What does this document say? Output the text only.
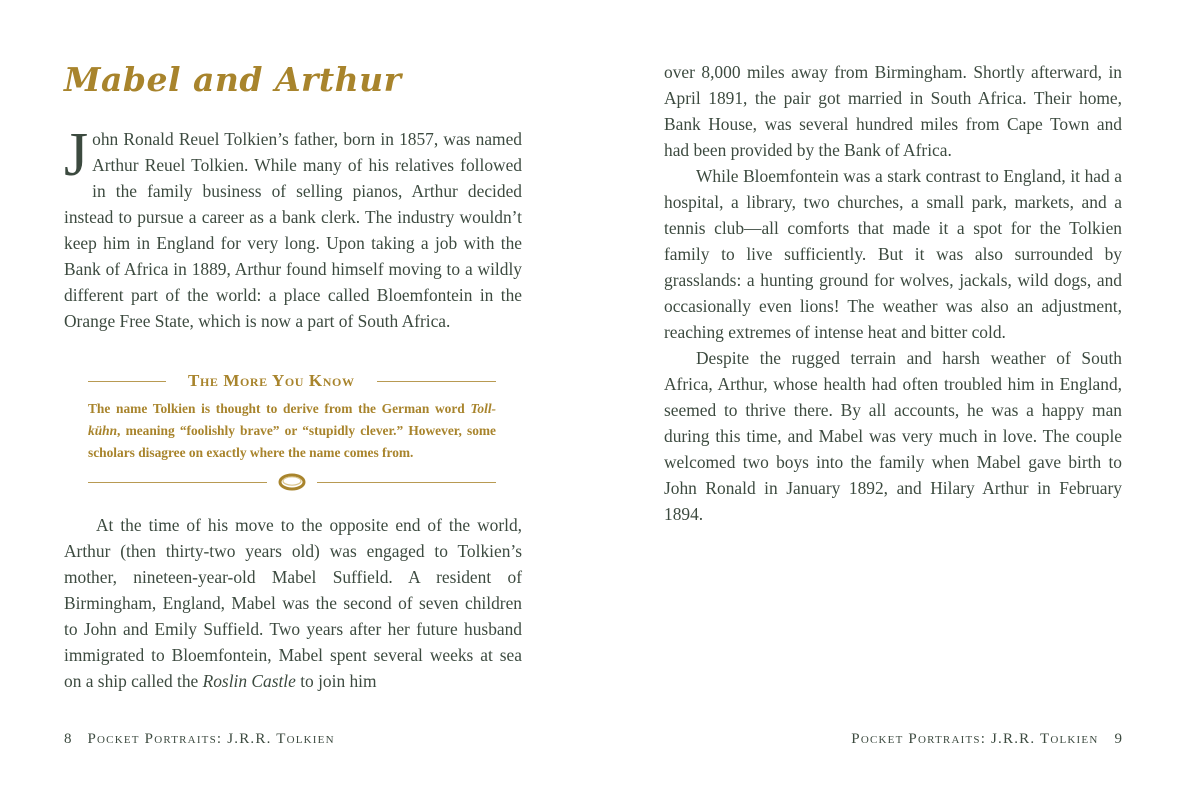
Mabel and Arthur

John Ronald Reuel Tolkien’s father, born in 1857, was named Arthur Reuel Tolkien. While many of his relatives followed in the family business of selling pianos, Arthur decided instead to pursue a career as a bank clerk. The industry wouldn’t keep him in England for very long. Upon taking a job with the Bank of Africa in 1889, Arthur found himself moving to a wildly different part of the world: a place called Bloemfontein in the Orange Free State, which is now a part of South Africa.

The More You Know

The name Tolkien is thought to derive from the German word Toll-kühn, meaning “foolishly brave” or “stupidly clever.” However, some scholars disagree on exactly where the name comes from.

At the time of his move to the opposite end of the world, Arthur (then thirty-two years old) was engaged to Tolkien’s mother, nineteen-year-old Mabel Suffield. A resident of Birmingham, England, Mabel was the second of seven children to John and Emily Suffield. Two years after her future husband immigrated to Bloemfontein, Mabel spent several weeks at sea on a ship called the Roslin Castle to join him

8 Pocket Portraits: J.R.R. Tolkien

over 8,000 miles away from Birmingham. Shortly afterward, in April 1891, the pair got married in South Africa. Their home, Bank House, was several hundred miles from Cape Town and had been provided by the Bank of Africa.

While Bloemfontein was a stark contrast to England, it had a hospital, a library, two churches, a small park, markets, and a tennis club—all comforts that made it a spot for the Tolkien family to live sufficiently. But it was also surrounded by grasslands: a hunting ground for wolves, jackals, wild dogs, and occasionally even lions! The weather was also an adjustment, reaching extremes of intense heat and bitter cold.

Despite the rugged terrain and harsh weather of South Africa, Arthur, whose health had often troubled him in England, seemed to thrive there. By all accounts, he was a happy man during this time, and Mabel was very much in love. The couple welcomed two boys into the family when Mabel gave birth to John Ronald in January 1892, and Hilary Arthur in February 1894.

Pocket Portraits: J.R.R. Tolkien 9
